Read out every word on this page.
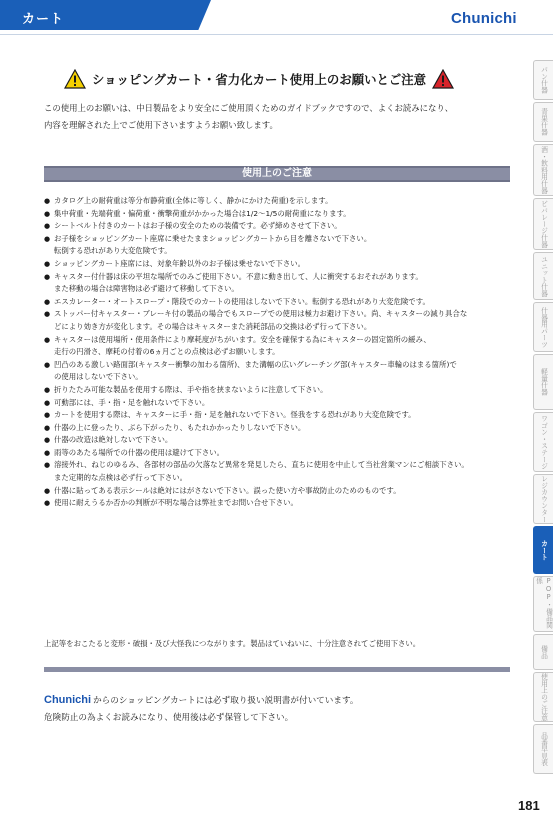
カート	Chunichi
ショッピングカート・省力化カート使用上のお願いとご注意
この使用上のお願いは、中日製品をより安全にご使用頂くためのガイドブックですので、よくお読みになり、
内容を理解された上でご使用下さいますようお願い致します。
使用上のご注意
● カタログ上の耐荷重は等分布静荷重(全体に等しく、静かにかけた荷重)を示します。
● 集中荷重・先端荷重・偏荷重・衝撃荷重がかかった場合は1/2～1/5の耐荷重になります。
● シートベルト付きのカートはお子様の安全のための装備です。必ず締めさせて下さい。
● お子様をショッピングカート座席に乗せたままショッピングカートから目を離さないで下さい。
転倒する恐れがあり大変危険です。
● ショッピングカート座席には、対象年齢以外のお子様は乗せないで下さい。
● キャスター付什器は床の平坦な場所でのみご使用下さい。不意に動き出して、人に衝突するおそれがあります。
また移動の場合は障害物は必ず避けて移動して下さい。
● エスカレーター・オートスロープ・階段でのカートの使用はしないで下さい。転倒する恐れがあり大変危険です。
● ストッパー付キャスター・ブレーキ付の製品の場合でもスロープでの使用は極力お避け下さい。尚、キャスターの減り具合な
どにより効き方が変化します。その場合はキャスターまた消耗部品の交換は必ず行って下さい。
● キャスターは使用場所・使用条件により摩耗度がちがいます。安全を確保する為にキャスターの固定箇所の緩み、
走行の円滑さ、摩耗の付着の6ヵ月ごとの点検は必ずお願いします。
● 凹凸のある激しい路面部(キャスター衝撃の加わる箇所)、また溝幅の広いグレーチング部(キャスター車輪のはまる箇所)で
の使用はしないで下さい。
● 折りたたみ可能な製品を使用する際は、手や指を挟まないように注意して下さい。
● 可動部には、手・指・足を触れないで下さい。
● カートを使用する際は、キャスターに手・指・足を触れないで下さい。怪我をする恐れがあり大変危険です。
● 什器の上に登ったり、ぶら下がったり、もたれかかったりしないで下さい。
● 什器の改造は絶対しないで下さい。
● 雨等のあたる場所での什器の使用は避けて下さい。
● 溶接外れ、ねじのゆるみ、各部材の部品の欠落など異常を発見したら、直ちに使用を中止して当社営業マンにご相談下さい。
また定期的な点検は必ず行って下さい。
● 什器に貼ってある表示シールは絶対にはがさないで下さい。誤った使い方や事故防止のためのものです。
● 使用に耐えうるか否かの判断が不明な場合は弊社までお問い合せ下さい。
上記等をおこたると変形・破損・及び大怪我につながります。製品はていねいに、十分注意されてご使用下さい。
Chunichi からのショッピングカートには必ず取り扱い説明書が付いています。
危険防止の為よくお読みになり、使用後は必ず保管して下さい。
パン什器
青果什器
酒・飲料用什器
ビバレージ什器
ユニット什器
什器用パーツ
軽量什器
ワゴン・ステージ
レジカウンター
カート
POP・備品関係
備品
使用上のご注意
品番早見表
181
